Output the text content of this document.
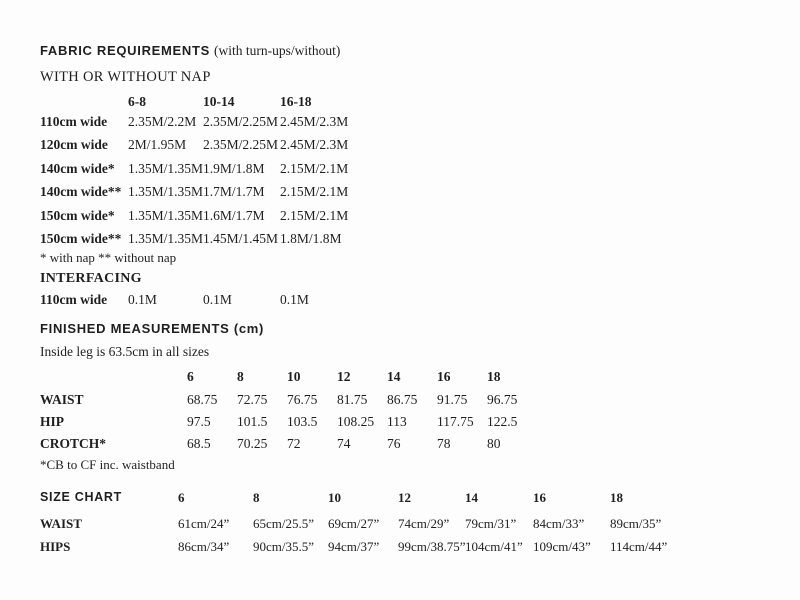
FABRIC REQUIREMENTS (with turn-ups/without)
WITH OR WITHOUT NAP
6-8	10-14	16-18
110cm wide	2.35M/2.2M 2.35M/2.25M 2.45M/2.3M
120cm wide	2M/1.95M	2.35M/2.25M 2.45M/2.3M
140cm wide* 1.35M/1.35M 1.9M/1.8M	2.15M/2.1M
140cm wide** 1.35M/1.35M 1.7M/1.7M	2.15M/2.1M
150cm wide* 1.35M/1.35M 1.6M/1.7M	2.15M/2.1M
150cm wide** 1.35M/1.35M 1.45M/1.45M 1.8M/1.8M
* with nap ** without nap
INTERFACING
110cm wide	0.1M	0.1M	0.1M
FINISHED MEASUREMENTS (cm)
Inside leg is 63.5cm in all sizes
6	8	10	12	14	16	18
WAIST	68.75	72.75	76.75	81.75	86.75	91.75	96.75
HIP	97.5	101.5	103.5	108.25 113	117.75 122.5
CROTCH*	68.5	70.25	72	74	76	78	80
*CB to CF inc. waistband
SIZE CHART	6	8	10	12	14	16	18
WAIST	61cm/24”	65cm/25.5”	69cm/27”	74cm/29”	79cm/31”	84cm/33”	89cm/35”
HIPS	86cm/34”	90cm/35.5”	94cm/37”	99cm/38.75” 104cm/41” 109cm/43”	114cm/44”
